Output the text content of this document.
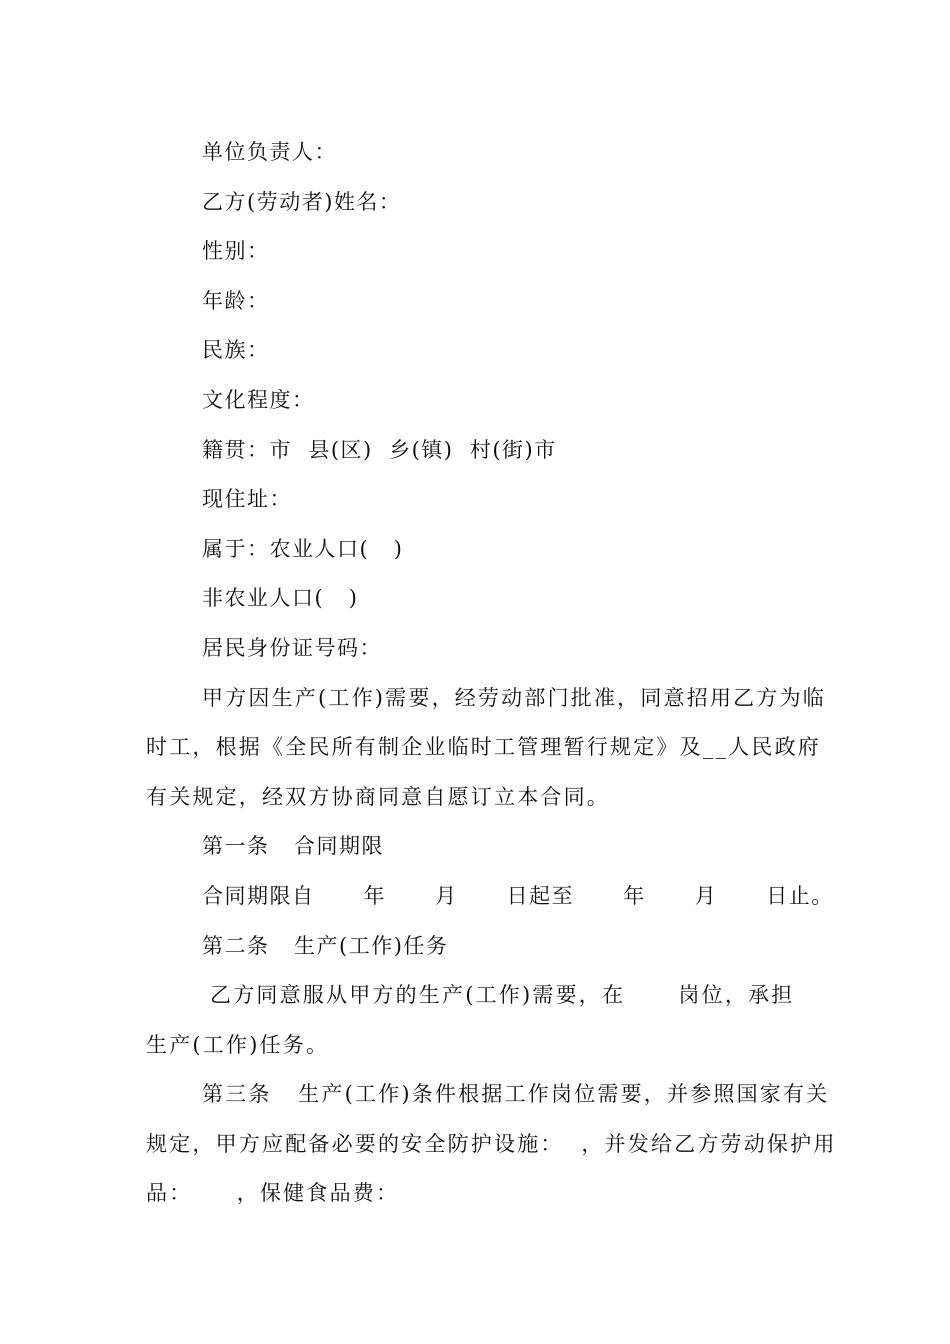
单位负责人：
乙方(劳动者)姓名：
性别：
年龄：
民族：
文化程度：
籍贯：市  县(区)  乡(镇)  村(街)市
现住址：
属于：农业人口(   )
非农业人口(   )
居民身份证号码：
甲方因生产(工作)需要，经劳动部门批准，同意招用乙方为临
时工，根据《全民所有制企业临时工管理暂行规定》及__人民政府
有关规定，经双方协商同意自愿订立本合同。
第一条   合同期限
合同期限自      年      月      日起至      年      月      日止。
第二条   生产(工作)任务
乙方同意服从甲方的生产(工作)需要，在      岗位，承担
生产(工作)任务。
第三条   生产(工作)条件根据工作岗位需要，并参照国家有关
规定，甲方应配备必要的安全防护设施：  ，并发给乙方劳动保护用
品：     ，保健食品费：
